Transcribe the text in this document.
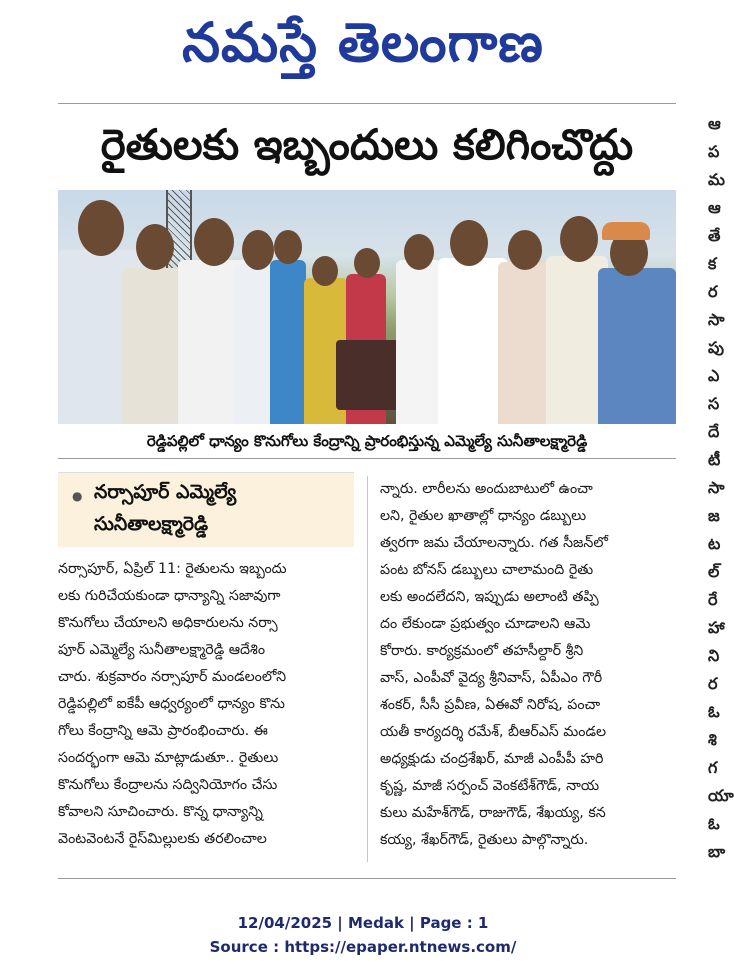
నమస్తే తెలంగాణ
రైతులకు ఇబ్బందులు కలిగించొద్దు
రెడ్డిపల్లిలో ధాన్యం కొనుగోలు కేంద్రాన్ని ప్రారంభిస్తున్న ఎమ్మెల్యే సునీతాలక్ష్మారెడ్డి
● నర్సాపూర్ ఎమ్మెల్యే
సునీతాలక్ష్మారెడ్డి
నర్సాపూర్, ఏప్రిల్ 11: రైతులను ఇబ్బందు
లకు గురిచేయకుండా ధాన్యాన్ని సజావుగా
కొనుగోలు చేయాలని అధికారులను నర్సా
పూర్ ఎమ్మెల్యే సునీతాలక్ష్మారెడ్డి ఆదేశిం
చారు. శుక్రవారం నర్సాపూర్ మండలంలోని
రెడ్డిపల్లిలో ఐకేపీ ఆధ్వర్యంలో ధాన్యం కొను
గోలు కేంద్రాన్ని ఆమె ప్రారంభించారు. ఈ
సందర్భంగా ఆమె మాట్లాడుతూ.. రైతులు
కొనుగోలు కేంద్రాలను సద్వినియోగం చేసు
కోవాలని సూచించారు. కొన్న ధాన్యాన్ని
వెంటవెంటనే రైస్‌మిల్లులకు తరలించాల
న్నారు. లారీలను అందుబాటులో ఉంచా
లని, రైతుల ఖాతాల్లో ధాన్యం డబ్బులు
త్వరగా జమ చేయాలన్నారు. గత సీజన్‌లో
పంట బోనస్ డబ్బులు చాలామంది రైతు
లకు అందలేదని, ఇప్పుడు అలాంటి తప్పి
దం లేకుండా ప్రభుత్వం చూడాలని ఆమె
కోరారు. కార్యక్రమంలో తహసీల్దార్ శ్రీని
వాస్, ఎంపీవో వైద్య శ్రీనివాస్, ఏపీఎం గౌరీ
శంకర్, సీసీ ప్రవీణ, ఏఈవో నిరోష, పంచా
యతీ కార్యదర్శి రమేశ్, బీఆర్ఎస్ మండల
అధ్యక్షుడు చంద్రశేఖర్, మాజీ ఎంపీపీ హరి
కృష్ణ, మాజీ సర్పంచ్ వెంకటేశ్‌గౌడ్, నాయ
కులు మహేశ్‌గౌడ్, రాజుగౌడ్, శేఖయ్య, కన
కయ్య, శేఖర్‌గౌడ్, రైతులు పాల్గొన్నారు.
ఆ
ప
మ
ఆ
తే
క
ర
సా
పు
ఎ
స
దే
టీ
సా
జ
ట
ల్
రే
హా
ని
ర
ఓ
శి
గ
యా
ఓ
బా
12/04/2025 | Medak | Page : 1
Source : https://epaper.ntnews.com/
